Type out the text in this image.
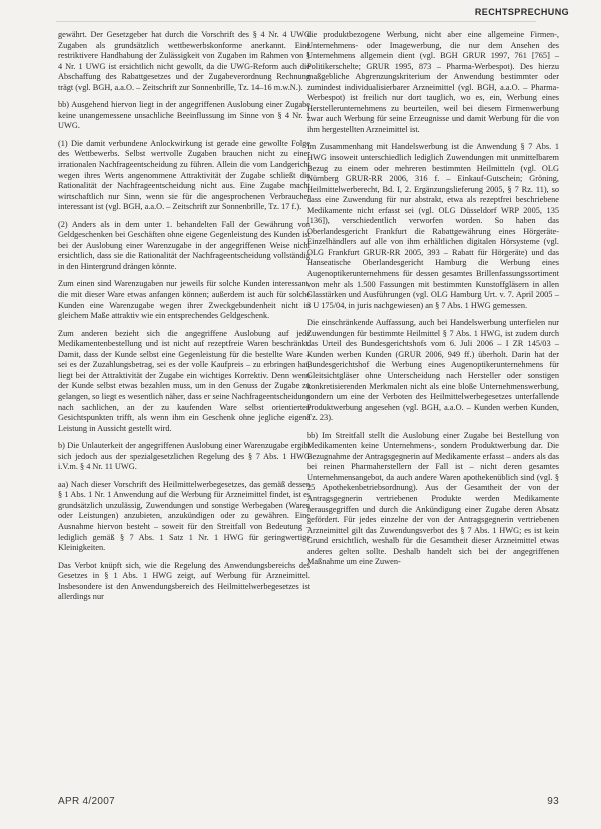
RECHTSPRECHUNG

gewährt. Der Gesetzgeber hat durch die Vorschrift des § 4 Nr. 4 UWG Zugaben als grundsätzlich wettbewerbskonforme anerkannt. Eine restriktivere Handhabung der Zulässigkeit von Zugaben im Rahmen von § 4 Nr. 1 UWG ist ersichtlich nicht gewollt, da die UWG-Reform auch die Abschaffung des Rabattgesetzes und der Zugabeverordnung Rechnung trägt (vgl. BGH, a.a.O. – Zeitschrift zur Sonnenbrille, Tz. 14–16 m.w.N.).

bb) Ausgehend hiervon liegt in der angegriffenen Auslobung einer Zugabe keine unangemessene unsachliche Beeinflussung im Sinne von § 4 Nr. 1 UWG.

(1) Die damit verbundene Anlockwirkung ist gerade eine gewollte Folge des Wettbewerbs. Selbst wertvolle Zugaben brauchen nicht zu einer irrationalen Nachfrageentscheidung zu führen. Allein die vom Landgericht wegen ihres Werts angenommene Attraktivität der Zugabe schließt die Rationalität der Nachfrageentscheidung nicht aus. Eine Zugabe macht wirtschaftlich nur Sinn, wenn sie für die angesprochenen Verbraucher interessant ist (vgl. BGH, a.a.O. – Zeitschrift zur Sonnenbrille, Tz. 17 f.).

(2) Anders als in dem unter 1. behandelten Fall der Gewährung von Geldgeschenken bei Geschäften ohne eigene Gegenleistung des Kunden ist bei der Auslobung einer Warenzugabe in der angegriffenen Weise nicht ersichtlich, dass sie die Rationalität der Nachfrageentscheidung vollständig in den Hintergrund drängen könnte.

Zum einen sind Warenzugaben nur jeweils für solche Kunden interessant, die mit dieser Ware etwas anfangen können; außerdem ist auch für solche Kunden eine Warenzugabe wegen ihrer Zweckgebundenheit nicht in gleichem Maße attraktiv wie ein entsprechendes Geldgeschenk.

Zum anderen bezieht sich die angegriffene Auslobung auf jede Medikamentenbestellung und ist nicht auf rezeptfreie Waren beschränkt. Damit, dass der Kunde selbst eine Gegenleistung für die bestellte Ware – sei es der Zuzahlungsbetrag, sei es der volle Kaufpreis – zu erbringen hat, liegt bei der Attraktivität der Zugabe ein wichtiges Korrektiv. Denn wenn der Kunde selbst etwas bezahlen muss, um in den Genuss der Zugabe zu gelangen, so liegt es wesentlich näher, dass er seine Nachfrageentscheidung nach sachlichen, an der zu kaufenden Ware selbst orientierten Gesichtspunkten trifft, als wenn ihm ein Geschenk ohne jegliche eigene Leistung in Aussicht gestellt wird.

b) Die Unlauterkeit der angegriffenen Auslobung einer Warenzugabe ergibt sich jedoch aus der spezialgesetzlichen Regelung des § 7 Abs. 1 HWG i.V.m. § 4 Nr. 11 UWG.

aa) Nach dieser Vorschrift des Heilmittelwerbegesetzes, das gemäß dessen § 1 Abs. 1 Nr. 1 Anwendung auf die Werbung für Arzneimittel findet, ist es grundsätzlich unzulässig, Zuwendungen und sonstige Werbegaben (Waren oder Leistungen) anzubieten, anzukündigen oder zu gewähren. Eine Ausnahme hiervon besteht – soweit für den Streitfall von Bedeutung – lediglich gemäß § 7 Abs. 1 Satz 1 Nr. 1 HWG für geringwertige Kleinigkeiten.

Das Verbot knüpft sich, wie die Regelung des Anwendungsbereichs des Gesetzes in § 1 Abs. 1 HWG zeigt, auf Werbung für Arzneimittel. Insbesondere ist den Anwendungsbereich des Heilmittelwerbegesetzes ist allerdings nur

die produktbezogene Werbung, nicht aber eine allgemeine Firmen-, Unternehmens- oder Imagewerbung, die nur dem Ansehen des Unternehmens allgemein dient (vgl. BGH GRUR 1997, 761 [765] – Politikerschelte; GRUR 1995, 873 – Pharma-Werbespot). Des hierzu maßgebliche Abgrenzungskriterium der Anwendung bestimmter oder zumindest individualisierbarer Arzneimittel (vgl. BGH, a.a.O. – Pharma-Werbespot) ist freilich nur dort tauglich, wo es, ein, Werbung eines Herstellerunternehmens zu beurteilen, weil bei diesem Firmenwerbung zwar auch Werbung für seine Erzeugnisse und damit Werbung für die von ihm hergestellten Arzneimittel ist.

Im Zusammenhang mit Handelswerbung ist die Anwendung § 7 Abs. 1 HWG insoweit unterschiedlich lediglich Zuwendungen mit unmittelbarem Bezug zu einem oder mehreren bestimmten Heilmitteln (vgl. OLG Nürnberg GRUR-RR 2006, 316 f. – Einkauf-Gutschein; Gröning, Heilmittelwerberecht, Bd. I, 2. Ergänzungslieferung 2005, § 7 Rz. 11), so dass eine Zuwendung für nur abstrakt, etwa als rezeptfrei beschriebene Medikamente nicht erfasst sei (vgl. OLG Düsseldorf WRP 2005, 135 [136]), verschiedentlich verworfen worden. So haben das Oberlandesgericht Frankfurt die Rabattgewährung eines Hörgeräte-Einzelhändlers auf alle von ihm erhältlichen digitalen Hörsysteme (vgl. OLG Frankfurt GRUR-RR 2005, 393 – Rabatt für Hörgeräte) und das Hanseatische Oberlandesgericht Hamburg die Werbung eines Augenoptikerunternehmens für dessen gesamtes Brillenfassungssortiment von mehr als 1.500 Fassungen mit bestimmten Kunstoffgläsern in allen Glasstärken und Ausführungen (vgl. OLG Hamburg Urt. v. 7. April 2005 – 3 U 175/04, in juris nachgewiesen) an § 7 Abs. 1 HWG gemessen.

Die einschränkende Auffassung, auch bei Handelswerbung unterfielen nur Zuwendungen für bestimmte Heilmittel § 7 Abs. 1 HWG, ist zudem durch das Urteil des Bundesgerichtshofs vom 6. Juli 2006 – I ZR 145/03 – Kunden werben Kunden (GRUR 2006, 949 ff.) überholt. Darin hat der Bundesgerichtshof die Werbung eines Augenoptikerunternehmens für Gleitsichtgläser ohne Unterscheidung nach Hersteller oder sonstigen konkretisierenden Merkmalen nicht als eine bloße Unternehmenswerbung, sondern um eine der Verboten des Heilmittelwerbegesetzes unterfallende Produktwerbung angesehen (vgl. BGH, a.a.O. – Kunden werben Kunden, Tz. 23).

bb) Im Streitfall stellt die Auslobung einer Zugabe bei Bestellung von Medikamenten keine Unternehmens-, sondern Produktwerbung dar. Die Bezugnahme der Antragsgegnerin auf Medikamente erfasst – anders als das bei reinen Pharmaherstellern der Fall ist – nicht deren gesamtes Unternehmensangebot, da auch andere Waren apothekenüblich sind (vgl. § 25 Apothekenbetriebsordnung). Aus der Gesamtheit der von der Antragsgegnerin vertriebenen Produkte werden Medikamente herausgegriffen und durch die Ankündigung einer Zugabe deren Absatz gefördert. Für jedes einzelne der von der Antragsgegnerin vertriebenen Arzneimittel gilt das Zuwendungsverbot des § 7 Abs. 1 HWG; es ist kein Grund ersichtlich, weshalb für die Gesamtheit dieser Arzneimittel etwas anderes gelten sollte. Deshalb handelt sich bei der angegriffenen Maßnahme um eine Zuwen-

APR 4/2007	93
